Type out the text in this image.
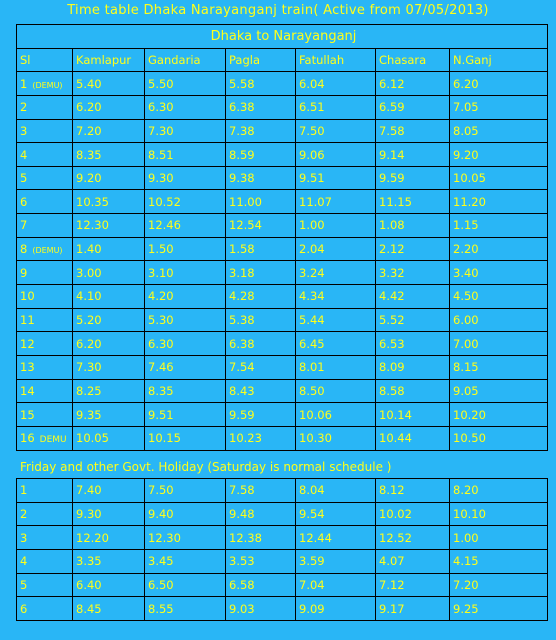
Time table Dhaka Narayanganj train( Active from 07/05/2013)
Dhaka to Narayanganj						
Sl	Kamlapur	Gandaria	Pagla	Fatullah	Chasara	N.Ganj
1 (DEMU)	5.40	5.50	5.58	6.04	6.12	6.20
2	6.20	6.30	6.38	6.51	6.59	7.05
3	7.20	7.30	7.38	7.50	7.58	8.05
4	8.35	8.51	8.59	9.06	9.14	9.20
5	9.20	9.30	9.38	9.51	9.59	10.05
6	10.35	10.52	11.00	11.07	11.15	11.20
7	12.30	12.46	12.54	1.00	1.08	1.15
8 (DEMU)	1.40	1.50	1.58	2.04	2.12	2.20
9	3.00	3.10	3.18	3.24	3.32	3.40
10	4.10	4.20	4.28	4.34	4.42	4.50
11	5.20	5.30	5.38	5.44	5.52	6.00
12	6.20	6.30	6.38	6.45	6.53	7.00
13	7.30	7.46	7.54	8.01	8.09	8.15
14	8.25	8.35	8.43	8.50	8.58	9.05
15	9.35	9.51	9.59	10.06	10.14	10.20
16 DEMU	10.05	10.15	10.23	10.30	10.44	10.50
Friday and other Govt. Holiday (Saturday is normal schedule )
1	7.40	7.50	7.58	8.04	8.12	8.20
2	9.30	9.40	9.48	9.54	10.02	10.10
3	12.20	12.30	12.38	12.44	12.52	1.00
4	3.35	3.45	3.53	3.59	4.07	4.15
5	6.40	6.50	6.58	7.04	7.12	7.20
6	8.45	8.55	9.03	9.09	9.17	9.25
